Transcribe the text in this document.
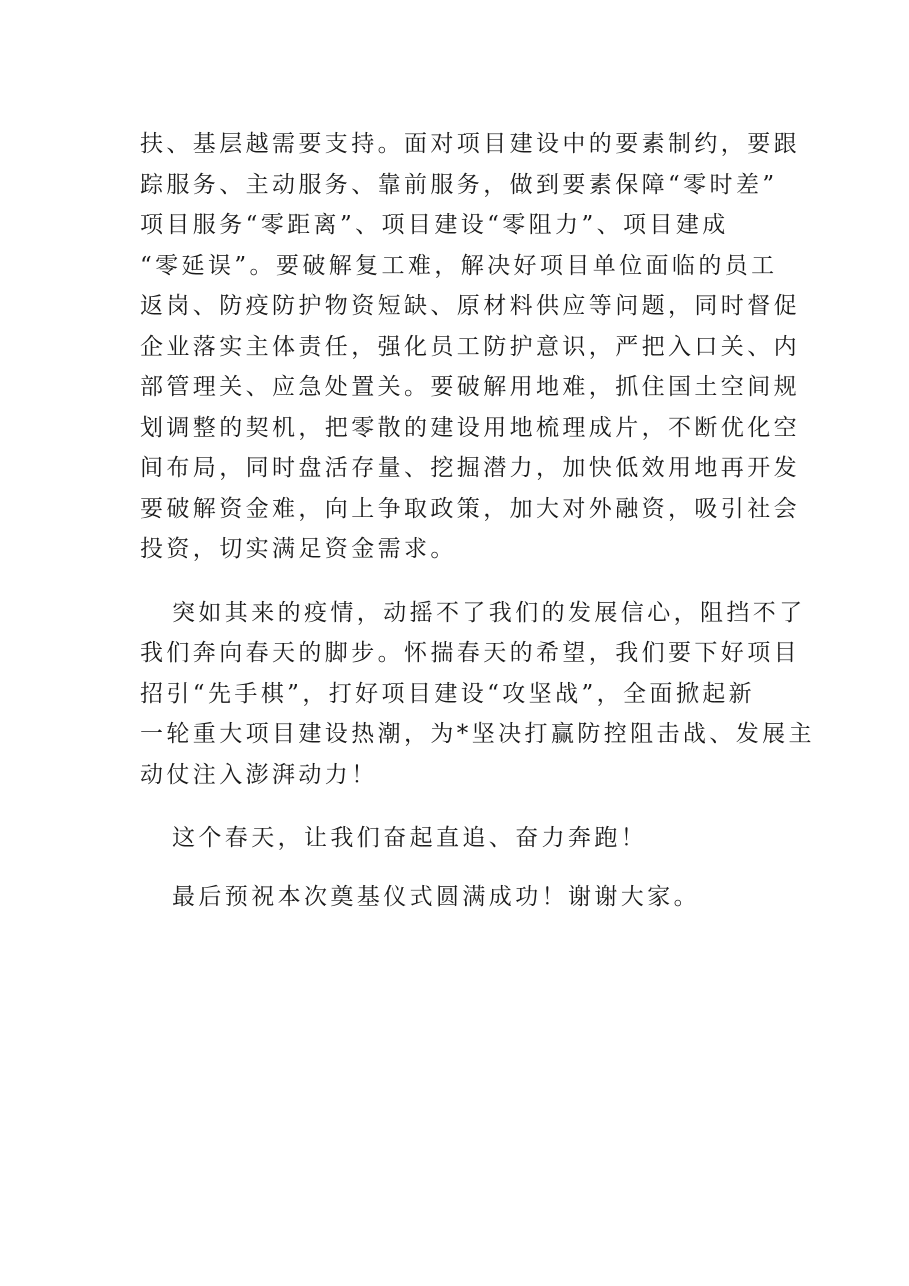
扶、基层越需要支持。面对项目建设中的要素制约，要跟
踪服务、主动服务、靠前服务，做到要素保障“零时差”
项目服务“零距离”、项目建设“零阻力”、项目建成
“零延误”。要破解复工难，解决好项目单位面临的员工
返岗、防疫防护物资短缺、原材料供应等问题，同时督促
企业落实主体责任，强化员工防护意识，严把入口关、内
部管理关、应急处置关。要破解用地难，抓住国土空间规
划调整的契机，把零散的建设用地梳理成片，不断优化空
间布局，同时盘活存量、挖掘潜力，加快低效用地再开发
要破解资金难，向上争取政策，加大对外融资，吸引社会
投资，切实满足资金需求。

突如其来的疫情，动摇不了我们的发展信心，阻挡不了
我们奔向春天的脚步。怀揣春天的希望，我们要下好项目
招引“先手棋”，打好项目建设“攻坚战”，全面掀起新
一轮重大项目建设热潮，为*坚决打赢防控阻击战、发展主
动仗注入澎湃动力！

这个春天，让我们奋起直追、奋力奔跑！

最后预祝本次奠基仪式圆满成功！谢谢大家。
